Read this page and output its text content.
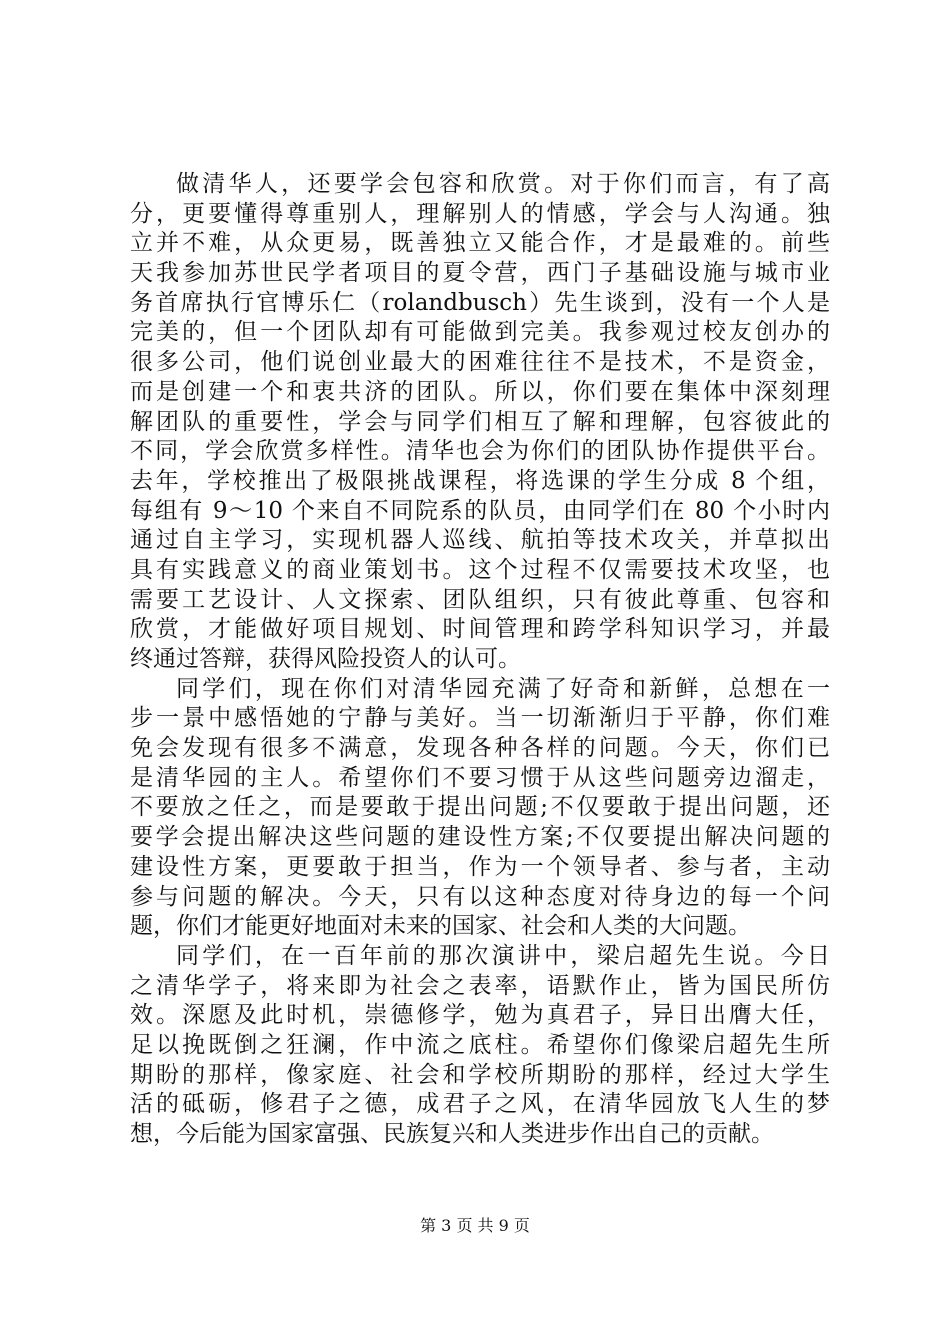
做清华人，还要学会包容和欣赏。对于你们而言，有了高
分，更要懂得尊重别人，理解别人的情感，学会与人沟通。独
立并不难，从众更易，既善独立又能合作，才是最难的。前些
天我参加苏世民学者项目的夏令营，西门子基础设施与城市业
务首席执行官博乐仁（rolandbusch）先生谈到，没有一个人是
完美的，但一个团队却有可能做到完美。我参观过校友创办的
很多公司，他们说创业最大的困难往往不是技术，不是资金，
而是创建一个和衷共济的团队。所以，你们要在集体中深刻理
解团队的重要性，学会与同学们相互了解和理解，包容彼此的
不同，学会欣赏多样性。清华也会为你们的团队协作提供平台。
去年，学校推出了极限挑战课程，将选课的学生分成 8 个组，
每组有 9～10 个来自不同院系的队员，由同学们在 80 个小时内
通过自主学习，实现机器人巡线、航拍等技术攻关，并草拟出
具有实践意义的商业策划书。这个过程不仅需要技术攻坚，也
需要工艺设计、人文探索、团队组织，只有彼此尊重、包容和
欣赏，才能做好项目规划、时间管理和跨学科知识学习，并最
终通过答辩，获得风险投资人的认可。
同学们，现在你们对清华园充满了好奇和新鲜，总想在一
步一景中感悟她的宁静与美好。当一切渐渐归于平静，你们难
免会发现有很多不满意，发现各种各样的问题。今天，你们已
是清华园的主人。希望你们不要习惯于从这些问题旁边溜走，
不要放之任之，而是要敢于提出问题;不仅要敢于提出问题，还
要学会提出解决这些问题的建设性方案;不仅要提出解决问题的
建设性方案，更要敢于担当，作为一个领导者、参与者，主动
参与问题的解决。今天，只有以这种态度对待身边的每一个问
题，你们才能更好地面对未来的国家、社会和人类的大问题。
同学们，在一百年前的那次演讲中，梁启超先生说。今日
之清华学子，将来即为社会之表率，语默作止，皆为国民所仿
效。深愿及此时机，崇德修学，勉为真君子，异日出膺大任，
足以挽既倒之狂澜，作中流之底柱。希望你们像梁启超先生所
期盼的那样，像家庭、社会和学校所期盼的那样，经过大学生
活的砥砺，修君子之德，成君子之风，在清华园放飞人生的梦
想，今后能为国家富强、民族复兴和人类进步作出自己的贡献。
第 3 页 共 9 页
